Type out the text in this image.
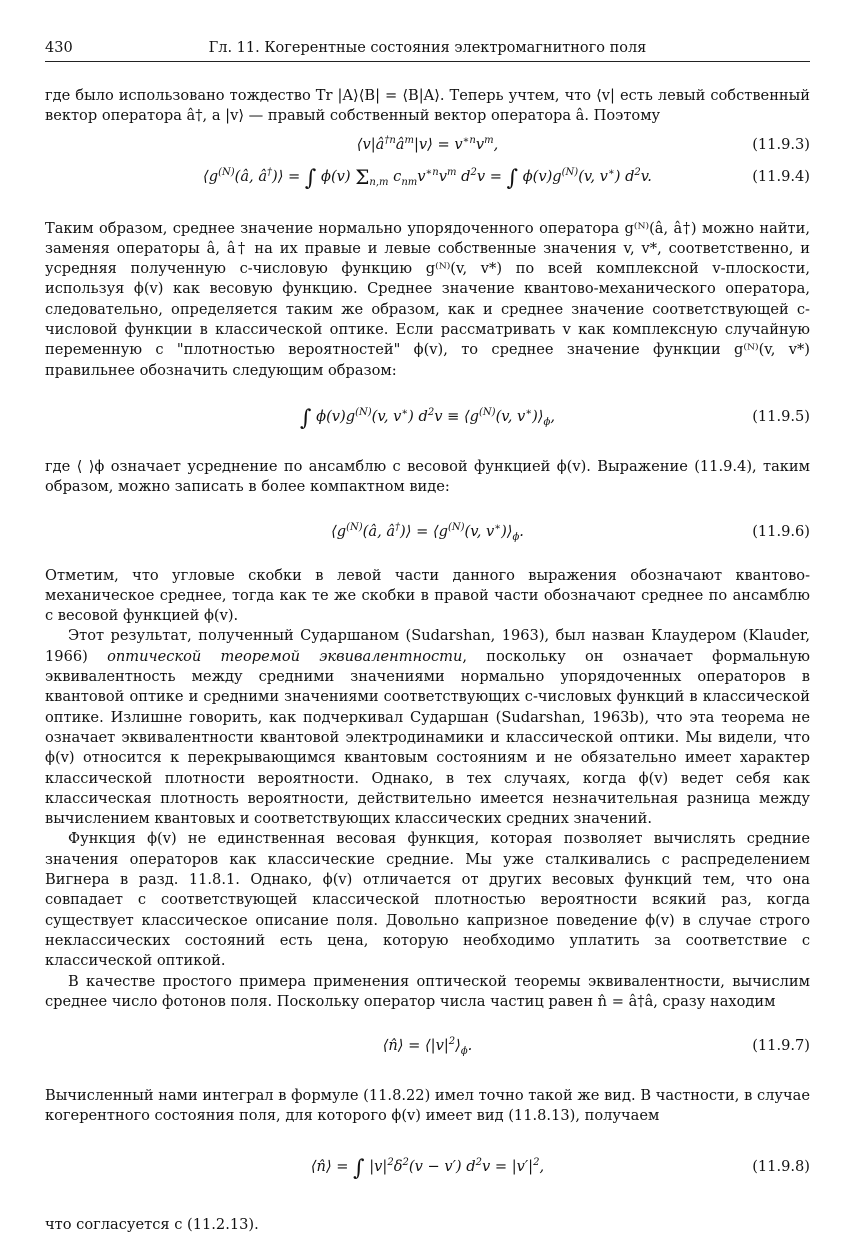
430	Гл. 11. Когерентные состояния электромагнитного поля

где было использовано тождество Tr |A⟩⟨B| = ⟨B|A⟩. Теперь учтем, что ⟨v| есть левый собственный вектор оператора â†, а |v⟩ — правый собственный вектор оператора â. Поэтому

$⟨v|â^{\dagger n}â^m|v⟩ = v^{∗n}v^m$,	(11.9.3)
$⟨g^{(N)}(â$, â†)⟩ = ∫ ϕ(v) $\Sigma_{n,m}$ $c_{nm}v^{∗n}v^m$ $d^2v$ = ∫ $\phi(v)g^{(N)}(v$, v∗) $d^2v$.	(11.9.4)

Таким образом, среднее значение нормально упорядоченного оператора g⁽ᴺ⁾(â, â†) можно найти, заменяя операторы â, â† на их правые и левые собственные значения v, v*, соответственно, и усредняя полученную c-числовую функцию g⁽ᴺ⁾(v, v*) по всей комплексной v-плоскости, используя ϕ(v) как весовую функцию. Среднее значение квантово-механического оператора, следовательно, определяется таким же образом, как и среднее значение соответствующей c-числовой функции в классической оптике. Если рассматривать v как комплексную случайную переменную с "плотностью вероятностей" ϕ(v), то среднее значение функции g⁽ᴺ⁾(v, v*) правильнее обозначить следующим образом:

∫ $\phi(v)g^{(N)}(v$, v∗) $d^2v$ ≡ $⟨g^{(N)}(v$, $v^∗)⟩_\phi$,	(11.9.5)

где ⟨ ⟩ϕ означает усреднение по ансамблю с весовой функцией ϕ(v). Выражение (11.9.4), таким образом, можно записать в более компактном виде:

$⟨g^{(N)}(â$, â†)⟩ = $⟨g^{(N)}(v$, $v^∗)⟩_\phi$.	(11.9.6)

Отметим, что угловые скобки в левой части данного выражения обозначают квантово-механическое среднее, тогда как те же скобки в правой части обозначают среднее по ансамблю с весовой функцией ϕ(v).

Этот результат, полученный Сударшаном (Sudarshan, 1963), был назван Клаудером (Klauder, 1966) оптической теоремой эквивалентности, поскольку он означает формальную эквивалентность между средними значениями нормально упорядоченных операторов в квантовой оптике и средними значениями соответствующих c-числовых функций в классической оптике. Излишне говорить, как подчеркивал Сударшан (Sudarshan, 1963b), что эта теорема не означает эквивалентности квантовой электродинамики и классической оптики. Мы видели, что ϕ(v) относится к перекрывающимся квантовым состояниям и не обязательно имеет характер классической плотности вероятности. Однако, в тех случаях, когда ϕ(v) ведет себя как классическая плотность вероятности, действительно имеется незначительная разница между вычислением квантовых и соответствующих классических средних значений.

Функция ϕ(v) не единственная весовая функция, которая позволяет вычислять средние значения операторов как классические средние. Мы уже сталкивались с распределением Вигнера в разд. 11.8.1. Однако, ϕ(v) отличается от других весовых функций тем, что она совпадает с соответствующей классической плотностью вероятности всякий раз, когда существует классическое описание поля. Довольно капризное поведение ϕ(v) в случае строго неклассических состояний есть цена, которую необходимо уплатить за соответствие с классической оптикой.

В качестве простого примера применения оптической теоремы эквивалентности, вычислим среднее число фотонов поля. Поскольку оператор числа частиц равен n̂ = â†â, сразу находим

⟨n̂⟩ = $⟨|v|^2⟩_\phi$.	(11.9.7)

Вычисленный нами интеграл в формуле (11.8.22) имел точно такой же вид. В частности, в случае когерентного состояния поля, для которого ϕ(v) имеет вид (11.8.13), получаем

⟨n̂⟩ = ∫ $|v|^2\delta^2(v - v') d^2v = |v'|^2$,	(11.9.8)

что согласуется с (11.2.13).
